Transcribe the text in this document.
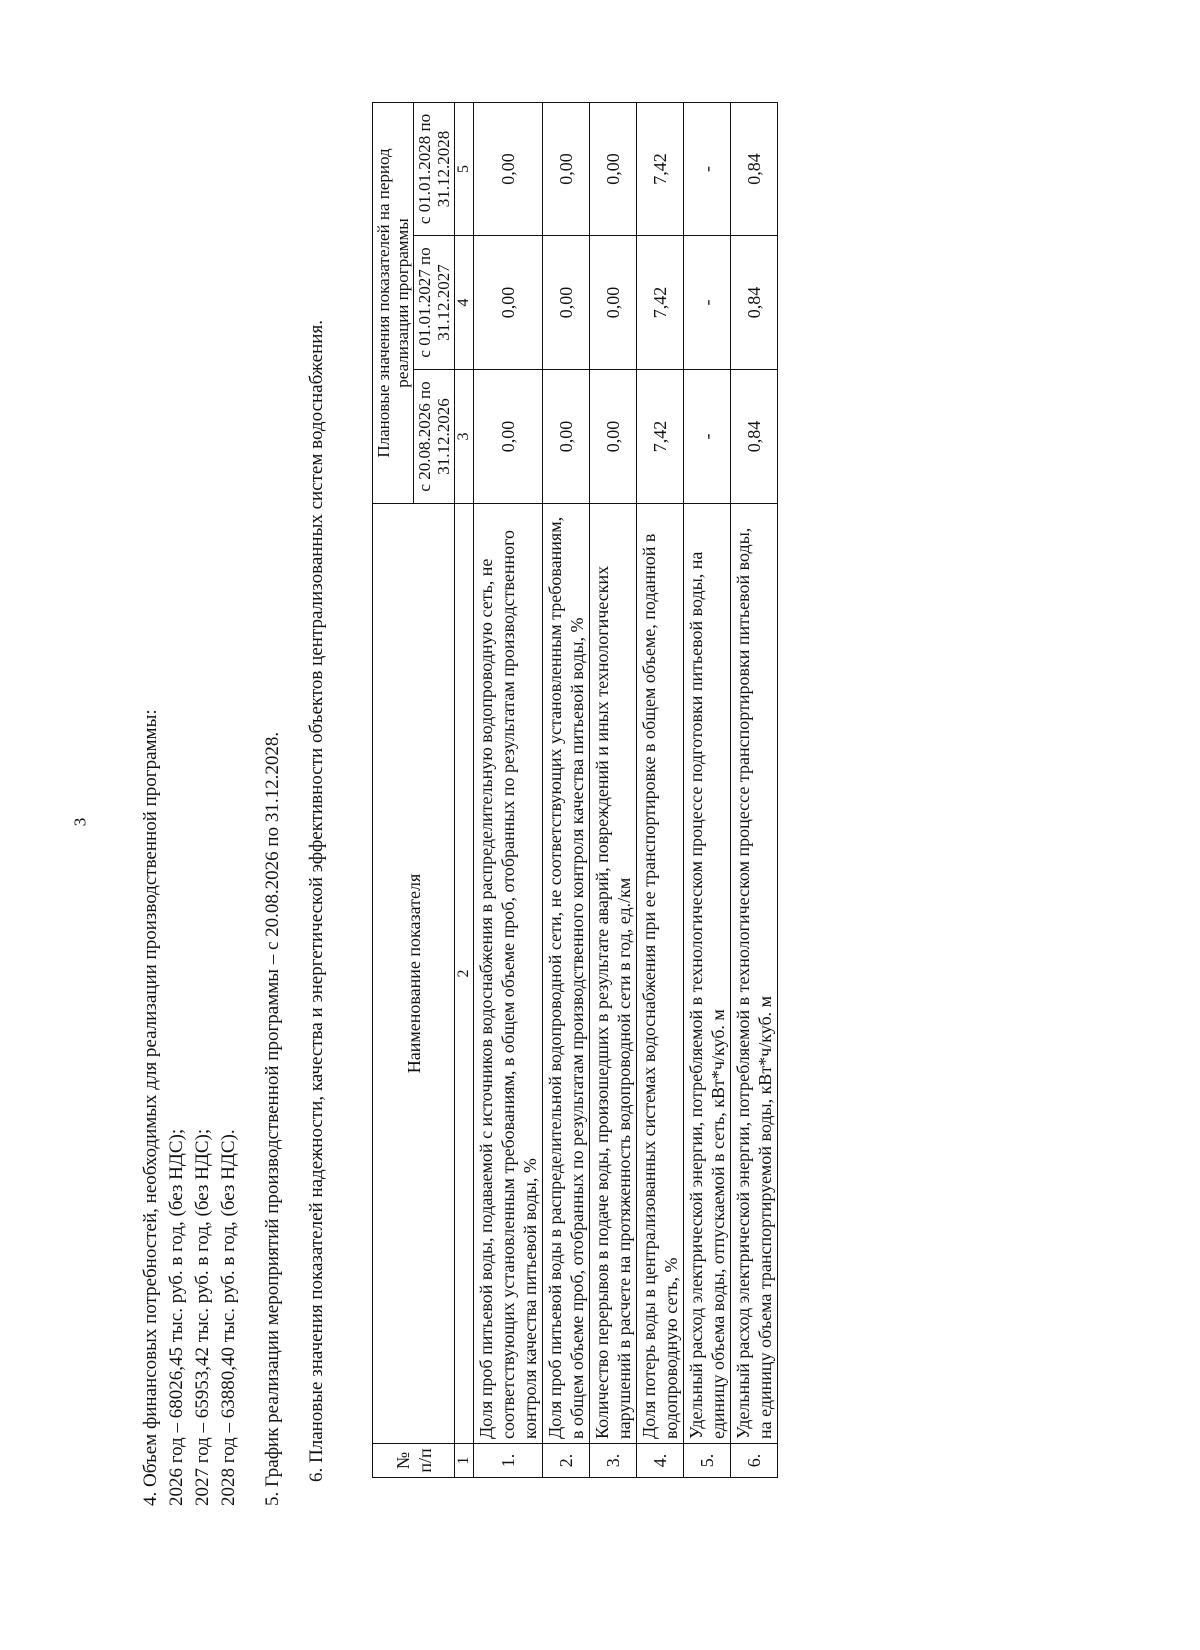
3	4. Объем финансовых потребностей, необходимых для реализации производственной программы: 2026 год – 68026,45 тыс. руб. в год, (без НДС); 2027 год – 65953,42 тыс. руб. в год, (без НДС); 2028 год – 63880,40 тыс. руб. в год, (без НДС). 5. График реализации мероприятий производственной программы – с 20.08.2026 по 31.12.2028. 6. Плановые значения показателей надежности, качества и энергетической эффективности объектов централизованных систем водоснабжения.	№ п/п	Наименование показателя	Плановые значения показателей на период реализации программы		
		с 20.08.2026 по 31.12.2026	с 01.01.2027 по 31.12.2027	с 01.01.2028 по 31.12.2028
1	2	3	4	5
1.	Доля проб питьевой воды, подаваемой с источников водоснабжения в распределительную водопроводную сеть, не соответствующих установленным требованиям, в общем объеме проб, отобранных по результатам производственного контроля качества питьевой воды, %	0,00	0,00	0,00
2.	Доля проб питьевой воды в распределительной водопроводной сети, не соответствующих установленным требованиям, в общем объеме проб, отобранных по результатам производственного контроля качества питьевой воды, %	0,00	0,00	0,00
3.	Количество перерывов в подаче воды, произошедших в результате аварий, повреждений и иных технологических нарушений в расчете на протяженность водопроводной сети в год, ед./км	0,00	0,00	0,00
4.	Доля потерь воды в централизованных системах водоснабжения при ее транспортировке в общем объеме, поданной в водопроводную сеть, %	7,42	7,42	7,42
5.	Удельный расход электрической энергии, потребляемой в технологическом процессе подготовки питьевой воды, на единицу объема воды, отпускаемой в сеть, кВт*ч/куб. м	-	-	-
6.	Удельный расход электрической энергии, потребляемой в технологическом процессе транспортировки питьевой воды, на единицу объема транспортируемой воды, кВт*ч/куб. м	0,84	0,84	0,84
